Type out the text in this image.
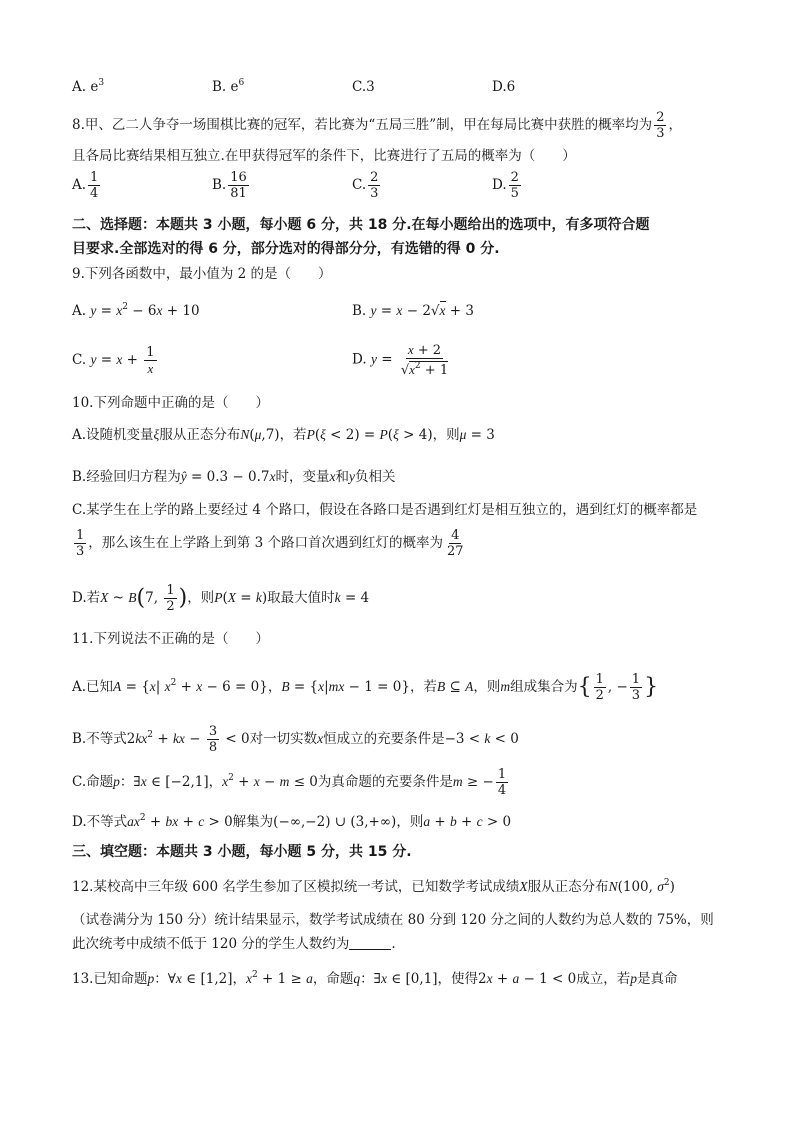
A. $e^3$	B. $e^6$	C.3	D.6
8.甲、乙二人争夺一场围棋比赛的冠军，若比赛为“五局三胜”制，甲在每局比赛中获胜的概率均为 $\frac{2}{3}$ ，
且各局比赛结果相互独立.在甲获得冠军的条件下，比赛进行了五局的概率为（　　）
A. $\frac{1}{4}$	B. $\frac{16}{81}$	C. $\frac{2}{3}$	D. $\frac{2}{5}$
二、选择题：本题共 3 小题，每小题 6 分，共 18 分.在每小题给出的选项中，有多项符合题
目要求.全部选对的得 6 分，部分选对的得部分分，有选错的得 0 分.
9.下列各函数中，最小值为 2 的是（　　）
A. $y = x^2 - 6x + 10$	B. y = x − 2√x + 3
C. $y = x + \frac{1}{x}$	D. $y = \frac{x + 2}{√x^2 + 1}$
10.下列命题中正确的是（　　）
A.设随机变量ξ服从正态分布N(μ,7)，若P(ξ < 2) = P(ξ > 4)，则μ = 3
B.经验回归方程为ŷ = 0.3 − 0.7x时，变量x和y负相关
C.某学生在上学的路上要经过 4 个路口，假设在各路口是否遇到红灯是相互独立的，遇到红灯的概率都是
$\frac{1}{3}$ ，那么该生在上学路上到第 3 个路口首次遇到红灯的概率为 $\frac{4}{27}$
D.若X ~ B(7, $\frac{1}{2}$ )，则P(X = k)取最大值时k = 4
11.下列说法不正确的是（　　）
A.已知A = {x| $x^2 + x - 6 = 0$}，B = {x|mx − 1 = 0}，若B ⊆ A，则m组成集合为{ $\frac{1}{2}$ , − $\frac{1}{3}$ }
B.不等式$2kx^2$ + kx − $\frac{3}{8} < 0$对一切实数x恒成立的充要条件是−3 < k < 0
C.命题p：∃x ∈ [−2,1]，$x^2 + x - m \le 0$为真命题的充要条件是m ≥ − $\frac{1}{4}$
D.不等式$ax^2$ + bx + c > 0解集为(−∞,−2) ∪ (3,+∞)，则a + b + c > 0
三、填空题：本题共 3 小题，每小题 5 分，共 15 分.
12.某校高中三年级 600 名学生参加了区模拟统一考试，已知数学考试成绩X服从正态分布N(100, $\sigma^2$)
（试卷满分为 150 分）统计结果显示，数学考试成绩在 80 分到 120 分之间的人数约为总人数的 75%，则
此次统考中成绩不低于 120 分的学生人数约为	.
13.已知命题p：∀x ∈ [1,2]，$x^2 + 1 \ge a$，命题q：∃x ∈ [0,1]，使得2x + a − 1 < 0成立，若p是真命
